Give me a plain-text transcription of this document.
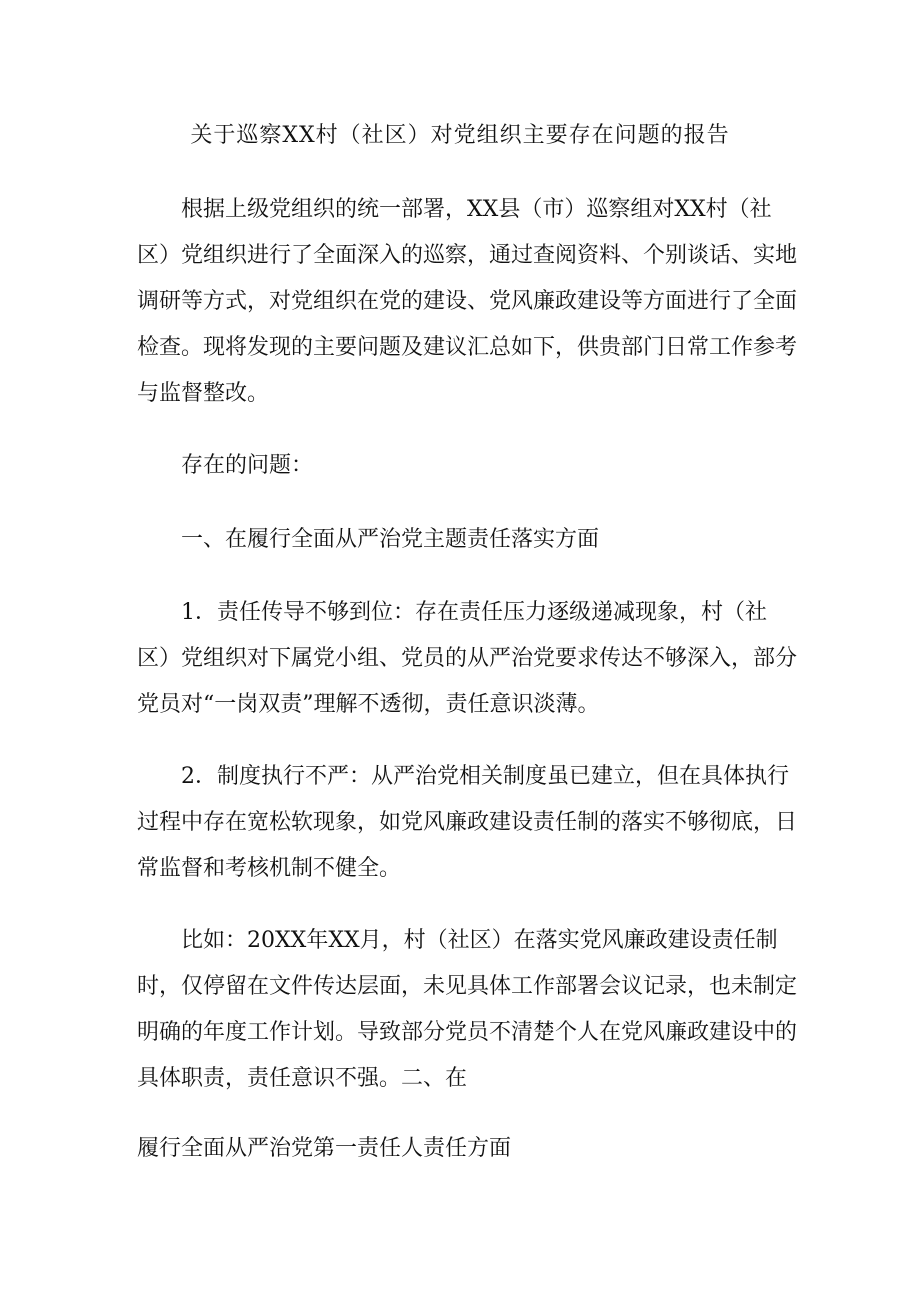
关于巡察XX村（社区）对党组织主要存在问题的报告

根据上级党组织的统一部署，XX县（市）巡察组对XX村（社区）党组织进行了全面深入的巡察，通过查阅资料、个别谈话、实地调研等方式，对党组织在党的建设、党风廉政建设等方面进行了全面检查。现将发现的主要问题及建议汇总如下，供贵部门日常工作参考与监督整改。

存在的问题：

一、在履行全面从严治党主题责任落实方面

1．责任传导不够到位：存在责任压力逐级递减现象，村（社区）党组织对下属党小组、党员的从严治党要求传达不够深入，部分党员对“一岗双责”理解不透彻，责任意识淡薄。

2．制度执行不严：从严治党相关制度虽已建立，但在具体执行过程中存在宽松软现象，如党风廉政建设责任制的落实不够彻底，日常监督和考核机制不健全。

比如：20XX年XX月，村（社区）在落实党风廉政建设责任制时，仅停留在文件传达层面，未见具体工作部署会议记录，也未制定明确的年度工作计划。导致部分党员不清楚个人在党风廉政建设中的具体职责，责任意识不强。二、在

履行全面从严治党第一责任人责任方面
